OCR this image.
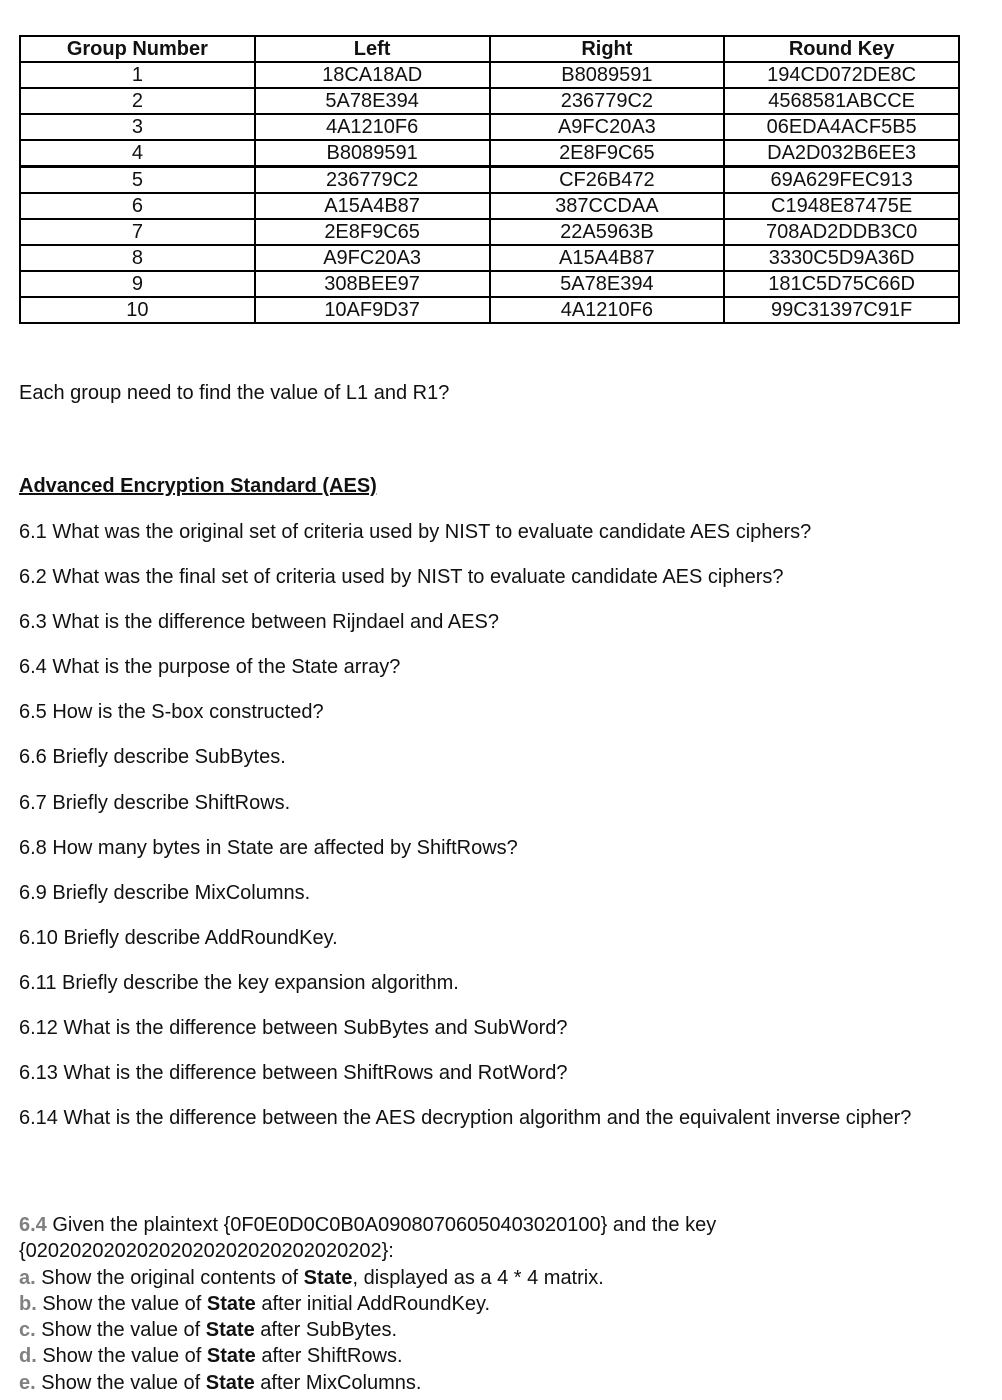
Group Number	Left	Right	Round Key
1	18CA18AD	B8089591	194CD072DE8C
2	5A78E394	236779C2	4568581ABCCE
3	4A1210F6	A9FC20A3	06EDA4ACF5B5
4	B8089591	2E8F9C65	DA2D032B6EE3
5	236779C2	CF26B472	69A629FEC913
6	A15A4B87	387CCDAA	C1948E87475E
7	2E8F9C65	22A5963B	708AD2DDB3C0
8	A9FC20A3	A15A4B87	3330C5D9A36D
9	308BEE97	5A78E394	181C5D75C66D
10	10AF9D37	4A1210F6	99C31397C91F

Each group need to find the value of L1 and R1?

Advanced Encryption Standard (AES)

6.1 What was the original set of criteria used by NIST to evaluate candidate AES ciphers?

6.2 What was the final set of criteria used by NIST to evaluate candidate AES ciphers?

6.3 What is the difference between Rijndael and AES?

6.4 What is the purpose of the State array?

6.5 How is the S-box constructed?

6.6 Briefly describe SubBytes.

6.7 Briefly describe ShiftRows.

6.8 How many bytes in State are affected by ShiftRows?

6.9 Briefly describe MixColumns.

6.10 Briefly describe AddRoundKey.

6.11 Briefly describe the key expansion algorithm.

6.12 What is the difference between SubBytes and SubWord?

6.13 What is the difference between ShiftRows and RotWord?

6.14 What is the difference between the AES decryption algorithm and the equivalent inverse cipher?

6.4 Given the plaintext {0F0E0D0C0B0A09080706050403020100} and the key
{02020202020202020202020202020202}:
a. Show the original contents of State, displayed as a 4 * 4 matrix.
b. Show the value of State after initial AddRoundKey.
c. Show the value of State after SubBytes.
d. Show the value of State after ShiftRows.
e. Show the value of State after MixColumns.
